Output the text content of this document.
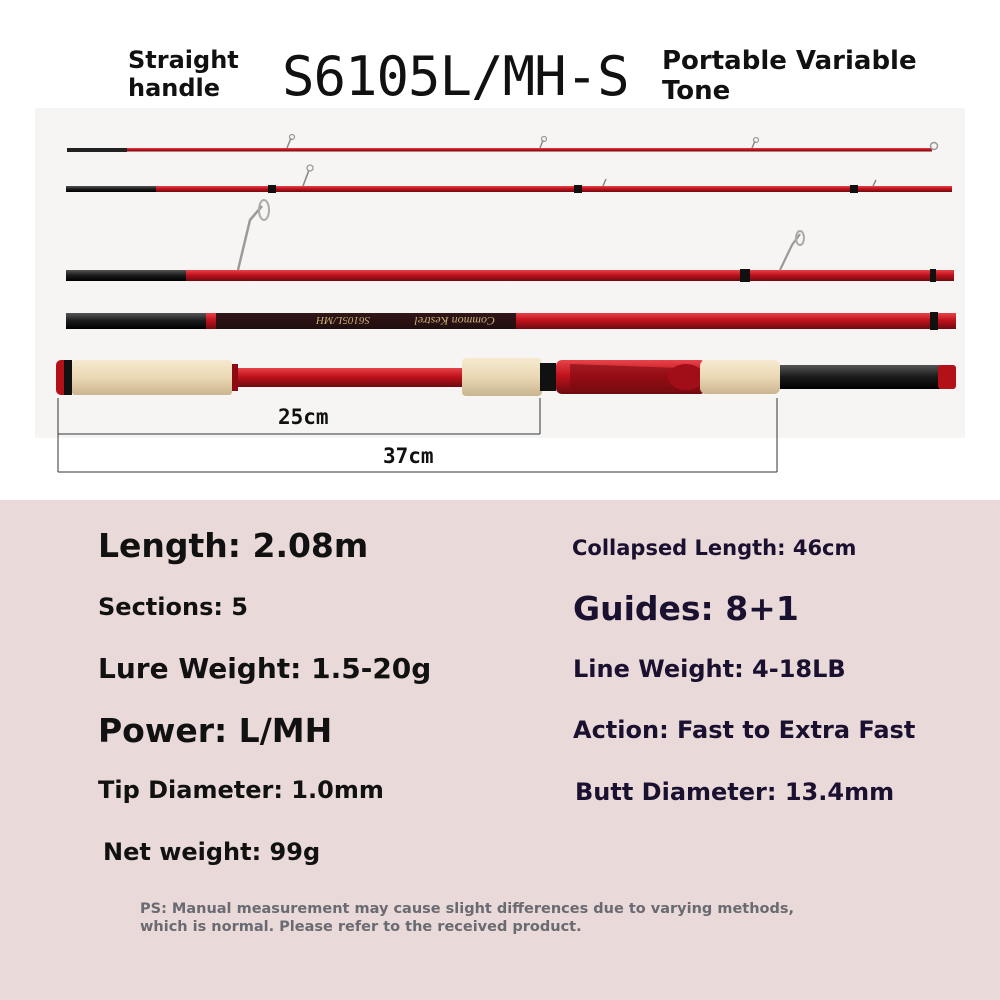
Straight handle	S6105L/MH-S Portable Variable Tone
S6105L/MH	Common Kestrel
25cm
37cm
Length: 2.08m
Sections: 5
Lure Weight: 1.5-20g
Power: L/MH
Tip Diameter: 1.0mm
Net weight: 99g
Collapsed Length: 46cm
Guides: 8+1
Line Weight: 4-18LB
Action: Fast to Extra Fast
Butt Diameter: 13.4mm
PS: Manual measurement may cause slight differences due to varying methods, which is normal. Please refer to the received product.
